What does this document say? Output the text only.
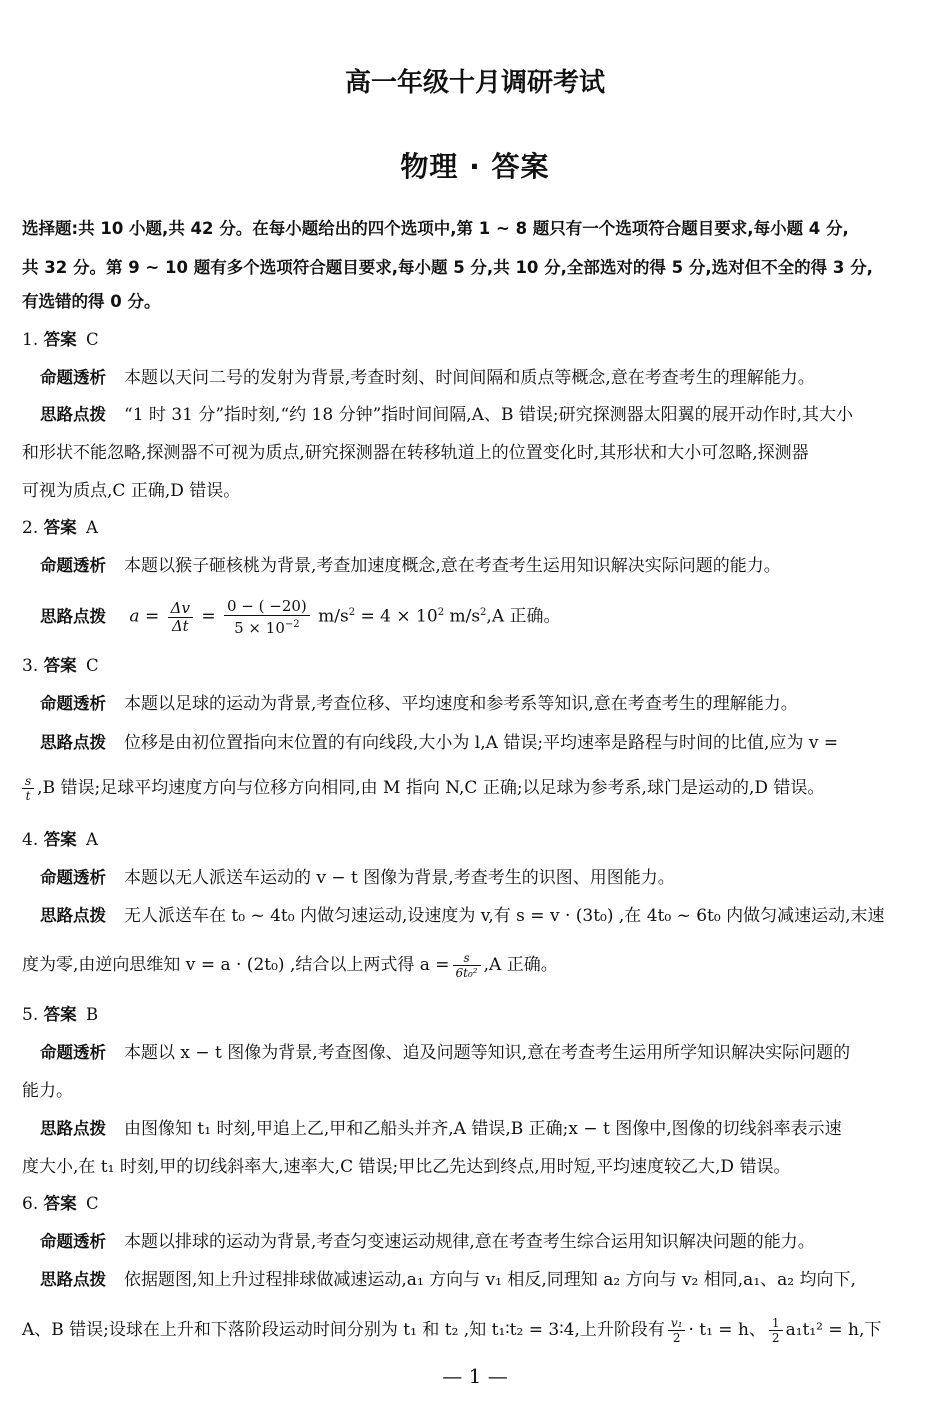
高一年级十月调研考试
物理 · 答案
选择题:共 10 小题,共 42 分。在每小题给出的四个选项中,第 1 ~ 8 题只有一个选项符合题目要求,每小题 4 分,
共 32 分。第 9 ~ 10 题有多个选项符合题目要求,每小题 5 分,共 10 分,全部选对的得 5 分,选对但不全的得 3 分,
有选错的得 0 分。
1. 答案 C
命题透析 本题以天问二号的发射为背景,考查时刻、时间间隔和质点等概念,意在考查考生的理解能力。
思路点拨 “1 时 31 分”指时刻,“约 18 分钟”指时间间隔,A、B 错误;研究探测器太阳翼的展开动作时,其大小
和形状不能忽略,探测器不可视为质点,研究探测器在转移轨道上的位置变化时,其形状和大小可忽略,探测器
可视为质点,C 正确,D 错误。
2. 答案 A
命题透析 本题以猴子砸核桃为背景,考查加速度概念,意在考查考生运用知识解决实际问题的能力。
思路点拨 $a = \frac{\Delta v}{\Delta t} = \frac{0 - ( -20)}{5 \times 10^{-2}} m/s^2 = 4 \times 10^2$ $m/s^2,A$ 正确。
3. 答案 C
命题透析 本题以足球的运动为背景,考查位移、平均速度和参考系等知识,意在考查考生的理解能力。
思路点拨 位移是由初位置指向末位置的有向线段,大小为 l,A 错误;平均速率是路程与时间的比值,应为 v =
$\frac{s}{t} ,B$ 错误;足球平均速度方向与位移方向相同,由 M 指向 N,C 正确;以足球为参考系,球门是运动的,D 错误。
4. 答案 A
命题透析 本题以无人派送车运动的 v − t 图像为背景,考查考生的识图、用图能力。
思路点拨 无人派送车在 t₀ ~ 4t₀ 内做匀速运动,设速度为 v,有 s = v · (3t₀) ,在 4t₀ ~ 6t₀ 内做匀减速运动,末速
度为零,由逆向思维知 v = a · (2t₀) ,结合以上两式得 $a = \frac{s}{\text{6t₀²}} ,A$ 正确。
5. 答案 B
命题透析 本题以 x − t 图像为背景,考查图像、追及问题等知识,意在考查考生运用所学知识解决实际问题的
能力。
思路点拨 由图像知 t₁ 时刻,甲追上乙,甲和乙船头并齐,A 错误,B 正确;x − t 图像中,图像的切线斜率表示速
度大小,在 t₁ 时刻,甲的切线斜率大,速率大,C 错误;甲比乙先达到终点,用时短,平均速度较乙大,D 错误。
6. 答案 C
命题透析 本题以排球的运动为背景,考查匀变速运动规律,意在考查考生综合运用知识解决问题的能力。
思路点拨 依据题图,知上升过程排球做减速运动,a₁ 方向与 v₁ 相反,同理知 a₂ 方向与 v₂ 相同,a₁、a₂ 均向下,
A、B 错误;设球在上升和下落阶段运动时间分别为 t₁ 和 t₂ ,知 t₁∶t₂ = 3∶4,上升阶段有 $\frac{\text{v₁}}{2} \cdot t_1 = h$、 $\frac{1}{2} a_1t_1^2 = h$,下
— 1 —
